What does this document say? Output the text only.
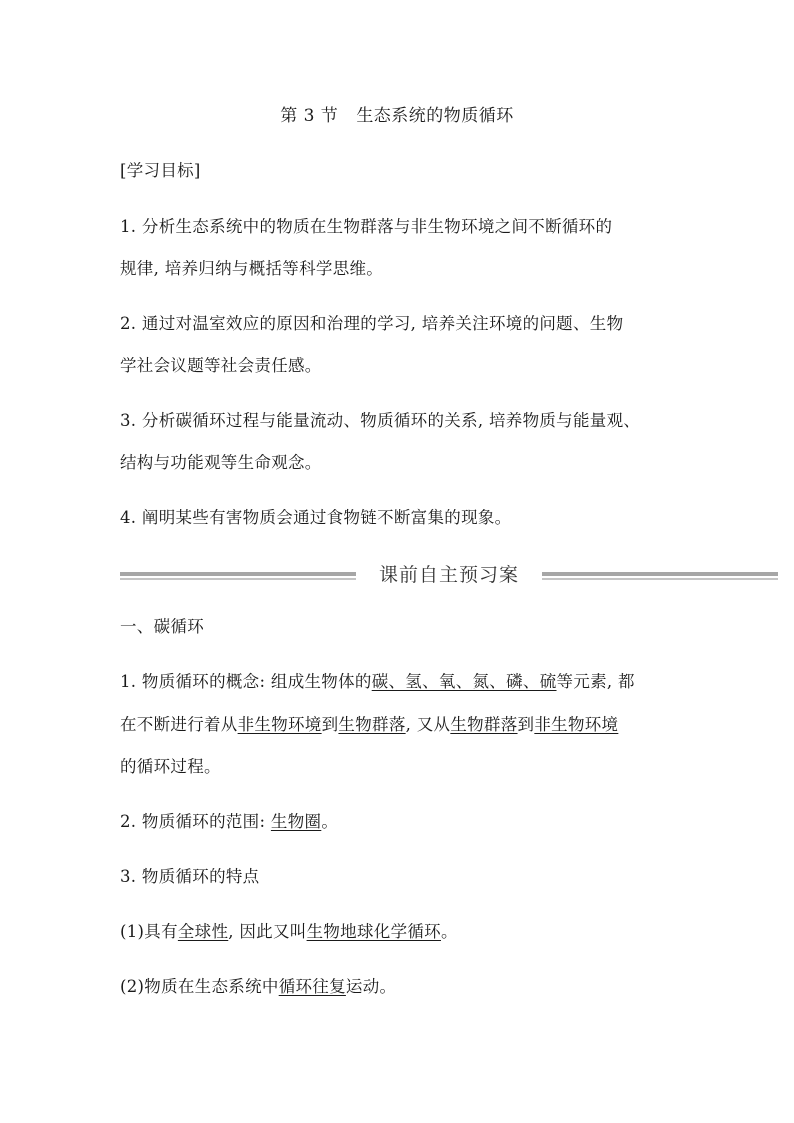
第 3 节 生态系统的物质循环
[学习目标]
1. 分析生态系统中的物质在生物群落与非生物环境之间不断循环的
规律, 培养归纳与概括等科学思维。
2. 通过对温室效应的原因和治理的学习, 培养关注环境的问题、生物
学社会议题等社会责任感。
3. 分析碳循环过程与能量流动、物质循环的关系, 培养物质与能量观、
结构与功能观等生命观念。
4. 阐明某些有害物质会通过食物链不断富集的现象。
课前自主预习案
一、碳循环
1. 物质循环的概念: 组成生物体的碳、氢、氧、氮、磷、硫等元素, 都
在不断进行着从非生物环境到生物群落, 又从生物群落到非生物环境
的循环过程。
2. 物质循环的范围: 生物圈。
3. 物质循环的特点
(1)具有全球性, 因此又叫生物地球化学循环。
(2)物质在生态系统中循环往复运动。
